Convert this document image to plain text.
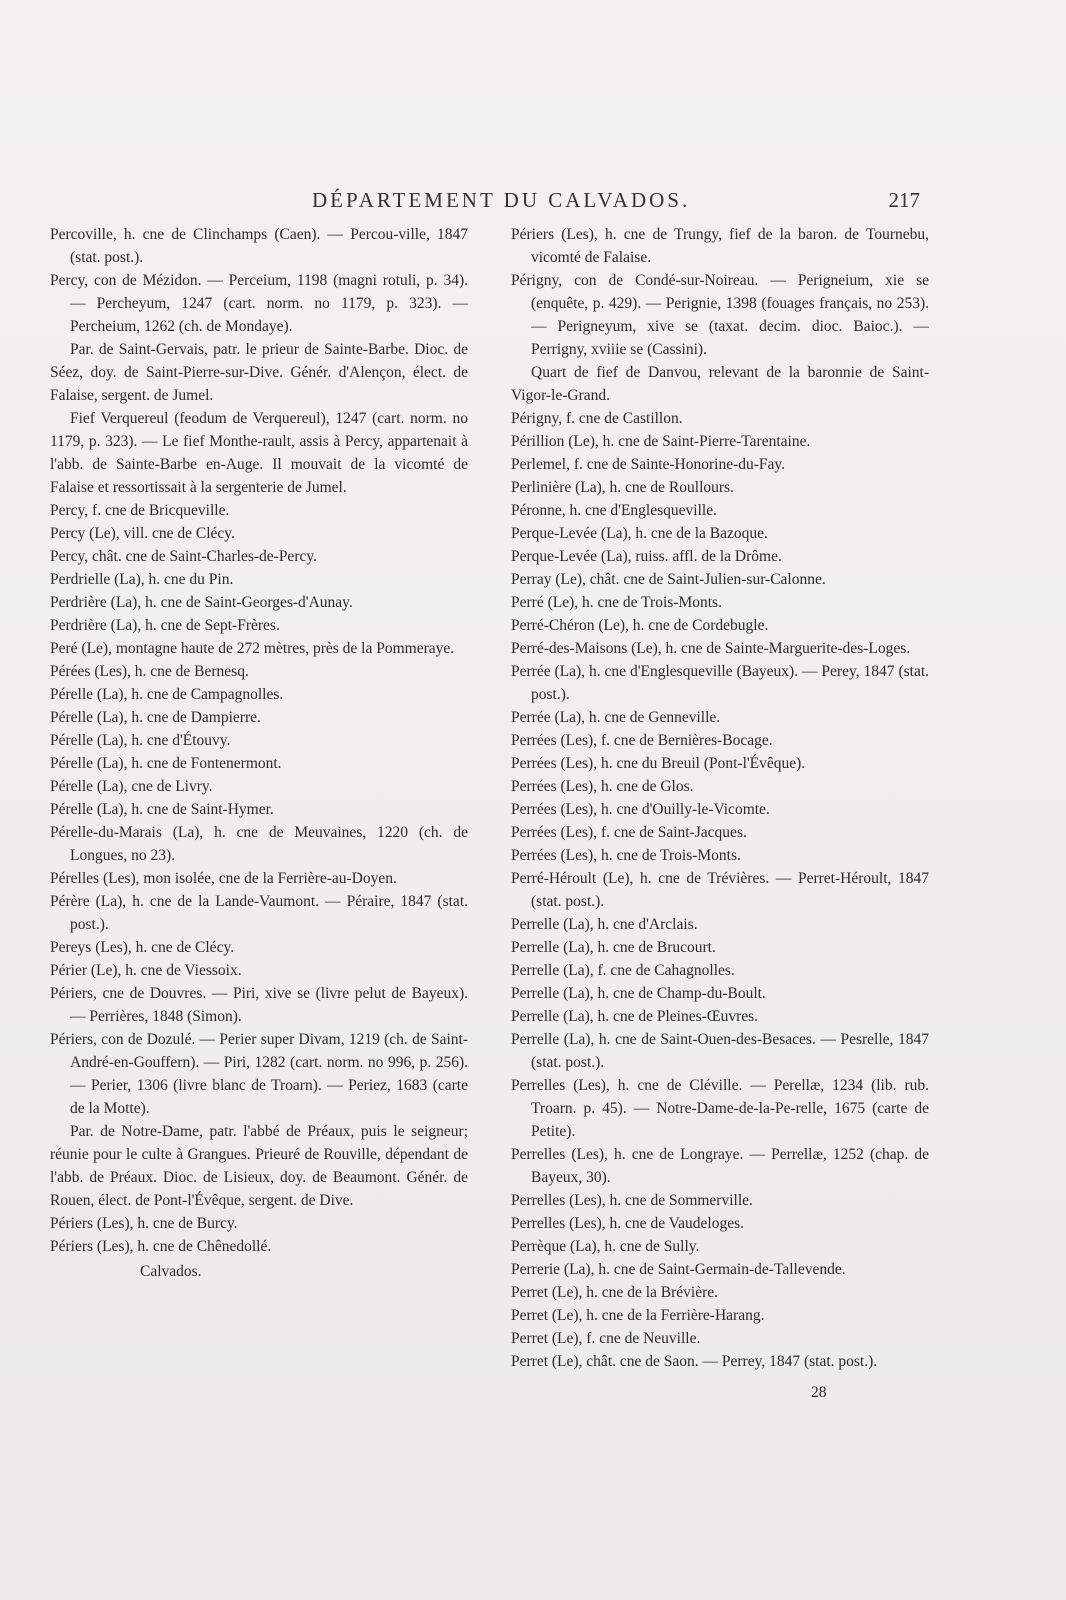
DÉPARTEMENT DU CALVADOS.	217

Percoville, h. cne de Clinchamps (Caen). — Percou-ville, 1847 (stat. post.).

Percy, con de Mézidon. — Perceium, 1198 (magni rotuli, p. 34). — Percheyum, 1247 (cart. norm. no 1179, p. 323). — Percheium, 1262 (ch. de Mondaye).

Par. de Saint-Gervais, patr. le prieur de Sainte-Barbe. Dioc. de Séez, doy. de Saint-Pierre-sur-Dive. Génér. d'Alençon, élect. de Falaise, sergent. de Jumel.

Fief Verquereul (feodum de Verquereul), 1247 (cart. norm. no 1179, p. 323). — Le fief Monthe-rault, assis à Percy, appartenait à l'abb. de Sainte-Barbe en-Auge. Il mouvait de la vicomté de Falaise et ressortissait à la sergenterie de Jumel.

Percy, f. cne de Bricqueville.

Percy (Le), vill. cne de Clécy.

Percy, chât. cne de Saint-Charles-de-Percy.

Perdrielle (La), h. cne du Pin.

Perdrière (La), h. cne de Saint-Georges-d'Aunay.

Perdrière (La), h. cne de Sept-Frères.

Peré (Le), montagne haute de 272 mètres, près de la Pommeraye.

Pérées (Les), h. cne de Bernesq.

Pérelle (La), h. cne de Campagnolles.

Pérelle (La), h. cne de Dampierre.

Pérelle (La), h. cne d'Étouvy.

Pérelle (La), h. cne de Fontenermont.

Pérelle (La), cne de Livry.

Pérelle (La), h. cne de Saint-Hymer.

Pérelle-du-Marais (La), h. cne de Meuvaines, 1220 (ch. de Longues, no 23).

Pérelles (Les), mon isolée, cne de la Ferrière-au-Doyen.

Pérère (La), h. cne de la Lande-Vaumont. — Péraire, 1847 (stat. post.).

Pereys (Les), h. cne de Clécy.

Périer (Le), h. cne de Viessoix.

Périers, cne de Douvres. — Piri, xive se (livre pelut de Bayeux). — Perrières, 1848 (Simon).

Périers, con de Dozulé. — Perier super Divam, 1219 (ch. de Saint-André-en-Gouffern). — Piri, 1282 (cart. norm. no 996, p. 256). — Perier, 1306 (livre blanc de Troarn). — Periez, 1683 (carte de la Motte).

Par. de Notre-Dame, patr. l'abbé de Préaux, puis le seigneur; réunie pour le culte à Grangues. Prieuré de Rouville, dépendant de l'abb. de Préaux. Dioc. de Lisieux, doy. de Beaumont. Génér. de Rouen, élect. de Pont-l'Évêque, sergent. de Dive.

Périers (Les), h. cne de Burcy.

Périers (Les), h. cne de Chênedollé.

Calvados.

Périers (Les), h. cne de Trungy, fief de la baron. de Tournebu, vicomté de Falaise.

Périgny, con de Condé-sur-Noireau. — Perigneium, xie se (enquête, p. 429). — Perignie, 1398 (fouages français, no 253). — Perigneyum, xive se (taxat. decim. dioc. Baioc.). — Perrigny, xviiie se (Cassini).

Quart de fief de Danvou, relevant de la baronnie de Saint-Vigor-le-Grand.

Périgny, f. cne de Castillon.

Périllion (Le), h. cne de Saint-Pierre-Tarentaine.

Perlemel, f. cne de Sainte-Honorine-du-Fay.

Perlinière (La), h. cne de Roullours.

Péronne, h. cne d'Englesqueville.

Perque-Levée (La), h. cne de la Bazoque.

Perque-Levée (La), ruiss. affl. de la Drôme.

Perray (Le), chât. cne de Saint-Julien-sur-Calonne.

Perré (Le), h. cne de Trois-Monts.

Perré-Chéron (Le), h. cne de Cordebugle.

Perré-des-Maisons (Le), h. cne de Sainte-Marguerite-des-Loges.

Perrée (La), h. cne d'Englesqueville (Bayeux). — Perey, 1847 (stat. post.).

Perrée (La), h. cne de Genneville.

Perrées (Les), f. cne de Bernières-Bocage.

Perrées (Les), h. cne du Breuil (Pont-l'Évêque).

Perrées (Les), h. cne de Glos.

Perrées (Les), h. cne d'Ouilly-le-Vicomte.

Perrées (Les), f. cne de Saint-Jacques.

Perrées (Les), h. cne de Trois-Monts.

Perré-Héroult (Le), h. cne de Trévières. — Perret-Héroult, 1847 (stat. post.).

Perrelle (La), h. cne d'Arclais.

Perrelle (La), h. cne de Brucourt.

Perrelle (La), f. cne de Cahagnolles.

Perrelle (La), h. cne de Champ-du-Boult.

Perrelle (La), h. cne de Pleines-Œuvres.

Perrelle (La), h. cne de Saint-Ouen-des-Besaces. — Pesrelle, 1847 (stat. post.).

Perrelles (Les), h. cne de Cléville. — Perellæ, 1234 (lib. rub. Troarn. p. 45). — Notre-Dame-de-la-Pe-relle, 1675 (carte de Petite).

Perrelles (Les), h. cne de Longraye. — Perrellæ, 1252 (chap. de Bayeux, 30).

Perrelles (Les), h. cne de Sommerville.

Perrelles (Les), h. cne de Vaudeloges.

Perrèque (La), h. cne de Sully.

Perrerie (La), h. cne de Saint-Germain-de-Tallevende.

Perret (Le), h. cne de la Brévière.

Perret (Le), h. cne de la Ferrière-Harang.

Perret (Le), f. cne de Neuville.

Perret (Le), chât. cne de Saon. — Perrey, 1847 (stat. post.).

28
